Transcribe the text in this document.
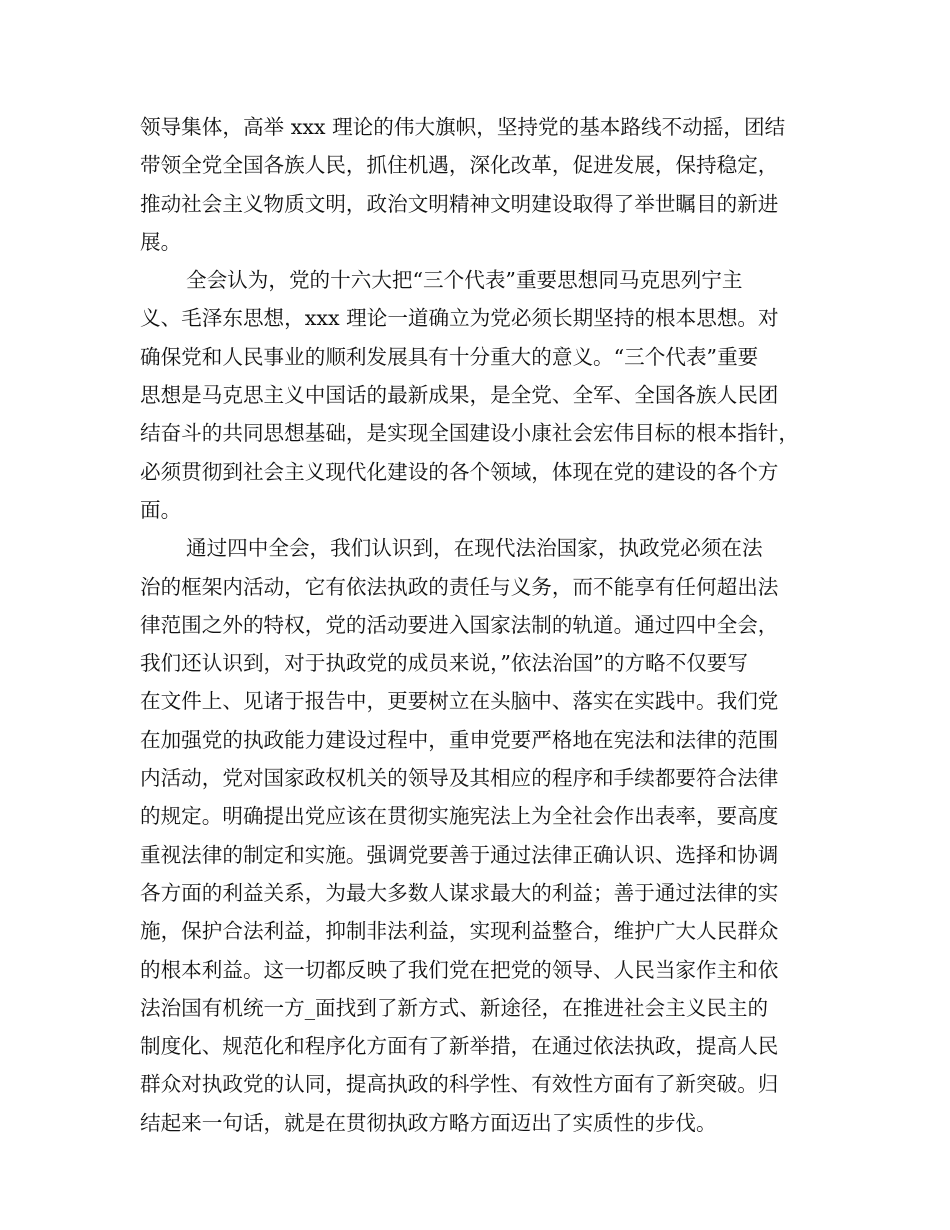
领导集体，高举 xxx 理论的伟大旗帜，坚持党的基本路线不动摇，团结
带领全党全国各族人民，抓住机遇，深化改革，促进发展，保持稳定，
推动社会主义物质文明，政治文明精神文明建设取得了举世瞩目的新进
展。
全会认为，党的十六大把“三个代表”重要思想同马克思列宁主
义、毛泽东思想，xxx 理论一道确立为党必须长期坚持的根本思想。对
确保党和人民事业的顺利发展具有十分重大的意义。“三个代表”重要
思想是马克思主义中国话的最新成果，是全党、全军、全国各族人民团
结奋斗的共同思想基础，是实现全国建设小康社会宏伟目标的根本指针，
必须贯彻到社会主义现代化建设的各个领域，体现在党的建设的各个方
面。
通过四中全会，我们认识到，在现代法治国家，执政党必须在法
治的框架内活动，它有依法执政的责任与义务，而不能享有任何超出法
律范围之外的特权，党的活动要进入国家法制的轨道。通过四中全会，
我们还认识到，对于执政党的成员来说，”依法治国”的方略不仅要写
在文件上、见诸于报告中，更要树立在头脑中、落实在实践中。我们党
在加强党的执政能力建设过程中，重申党要严格地在宪法和法律的范围
内活动，党对国家政权机关的领导及其相应的程序和手续都要符合法律
的规定。明确提出党应该在贯彻实施宪法上为全社会作出表率，要高度
重视法律的制定和实施。强调党要善于通过法律正确认识、选择和协调
各方面的利益关系，为最大多数人谋求最大的利益；善于通过法律的实
施，保护合法利益，抑制非法利益，实现利益整合，维护广大人民群众
的根本利益。这一切都反映了我们党在把党的领导、人民当家作主和依
法治国有机统一方_面找到了新方式、新途径，在推进社会主义民主的
制度化、规范化和程序化方面有了新举措，在通过依法执政，提高人民
群众对执政党的认同，提高执政的科学性、有效性方面有了新突破。归
结起来一句话，就是在贯彻执政方略方面迈出了实质性的步伐。
